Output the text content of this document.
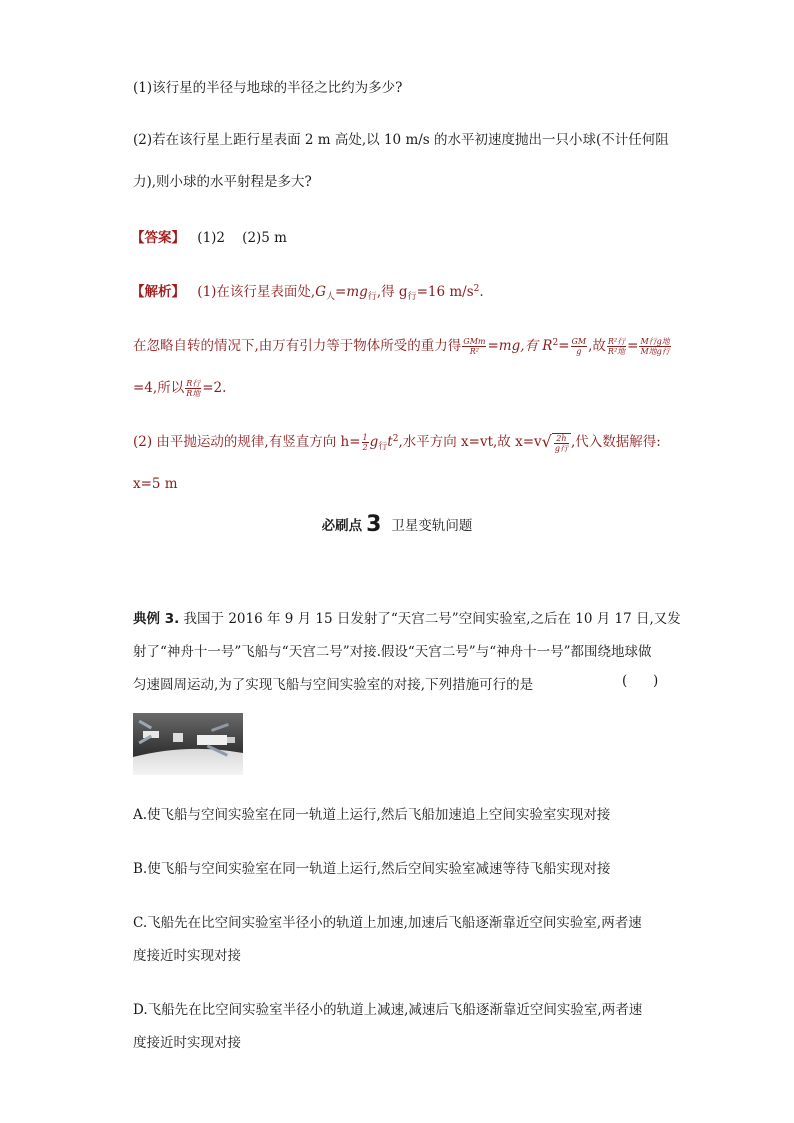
(1)该行星的半径与地球的半径之比约为多少?
(2)若在该行星上距行星表面 2 m 高处,以 10 m/s 的水平初速度抛出一只小球(不计任何阻
力),则小球的水平射程是多大?
【答案】 (1)2    (2)5 m
【解析】 (1)在该行星表面处$,G_人=mg_行$,得 $g_行=16$ $m/s^2$.
在忽略自转的情况下,由万有引力等于物体所受的重力得 $\frac{\text{GMm}}{\text{R²}} =mg$,有 $R^2= \frac{GM}{g}$ ,故 $\frac{\text{R²行}}{\text{R²地}} = \frac{\text{M行g地}}{\text{M地g行}}$
=4,所以 $\frac{\text{R行}}{\text{R地}} =2$.
(2) 由平抛运动的规律,有竖直方向 $h= \frac{1}{2} g_行t^2$,水平方向 x=vt,故 $x=v√ \frac{2h}{\text{g行}}$ ,代入数据解得:
x=5 m
必刷点 3 卫星变轨问题
典例 3. 我国于 2016 年 9 月 15 日发射了“天宫二号”空间实验室,之后在 10 月 17 日,又发
射了“神舟十一号”飞船与“天宫二号”对接.假设“天宫二号”与“神舟十一号”都围绕地球做
匀速圆周运动,为了实现飞船与空间实验室的对接,下列措施可行的是	(      )
A.使飞船与空间实验室在同一轨道上运行,然后飞船加速追上空间实验室实现对接
B.使飞船与空间实验室在同一轨道上运行,然后空间实验室减速等待飞船实现对接
C.飞船先在比空间实验室半径小的轨道上加速,加速后飞船逐渐靠近空间实验室,两者速
度接近时实现对接
D.飞船先在比空间实验室半径小的轨道上减速,减速后飞船逐渐靠近空间实验室,两者速
度接近时实现对接
